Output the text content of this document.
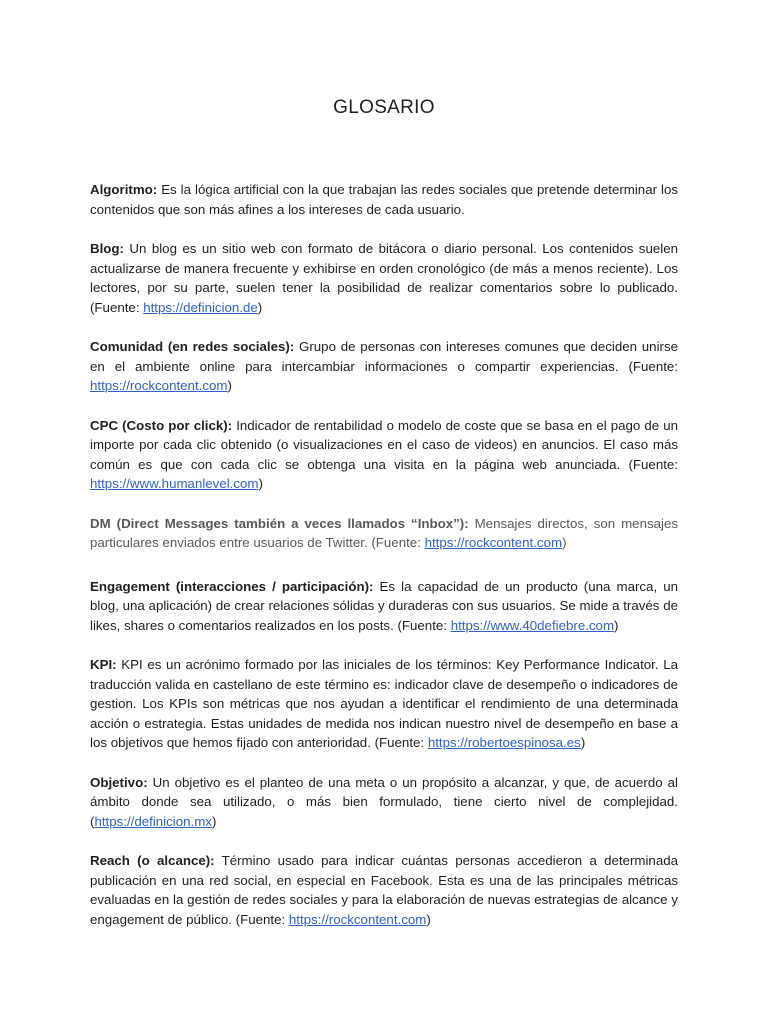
GLOSARIO

Algoritmo: Es la lógica artificial con la que trabajan las redes sociales que pretende determinar los contenidos que son más afines a los intereses de cada usuario.

Blog: Un blog es un sitio web con formato de bitácora o diario personal. Los contenidos suelen actualizarse de manera frecuente y exhibirse en orden cronológico (de más a menos reciente). Los lectores, por su parte, suelen tener la posibilidad de realizar comentarios sobre lo publicado. (Fuente: https://definicion.de)

Comunidad (en redes sociales): Grupo de personas con intereses comunes que deciden unirse en el ambiente online para intercambiar informaciones o compartir experiencias. (Fuente: https://rockcontent.com)

CPC (Costo por click): Indicador de rentabilidad o modelo de coste que se basa en el pago de un importe por cada clic obtenido (o visualizaciones en el caso de videos) en anuncios. El caso más común es que con cada clic se obtenga una visita en la página web anunciada. (Fuente: https://www.humanlevel.com)

DM (Direct Messages también a veces llamados “Inbox”): Mensajes directos, son mensajes particulares enviados entre usuarios de Twitter. (Fuente: https://rockcontent.com)

Engagement (interacciones / participación): Es la capacidad de un producto (una marca, un blog, una aplicación) de crear relaciones sólidas y duraderas con sus usuarios. Se mide a través de likes, shares o comentarios realizados en los posts. (Fuente: https://www.40defiebre.com)

KPI: KPI es un acrónimo formado por las iniciales de los términos: Key Performance Indicator. La traducción valida en castellano de este término es: indicador clave de desempeño o indicadores de gestion. Los KPIs son métricas que nos ayudan a identificar el rendimiento de una determinada acción o estrategia. Estas unidades de medida nos indican nuestro nivel de desempeño en base a los objetivos que hemos fijado con anterioridad. (Fuente: https://robertoespinosa.es)

Objetivo: Un objetivo es el planteo de una meta o un propósito a alcanzar, y que, de acuerdo al ámbito donde sea utilizado, o más bien formulado, tiene cierto nivel de complejidad. (https://definicion.mx)

Reach (o alcance): Término usado para indicar cuántas personas accedieron a determinada publicación en una red social, en especial en Facebook. Esta es una de las principales métricas evaluadas en la gestión de redes sociales y para la elaboración de nuevas estrategias de alcance y engagement de público. (Fuente: https://rockcontent.com)
